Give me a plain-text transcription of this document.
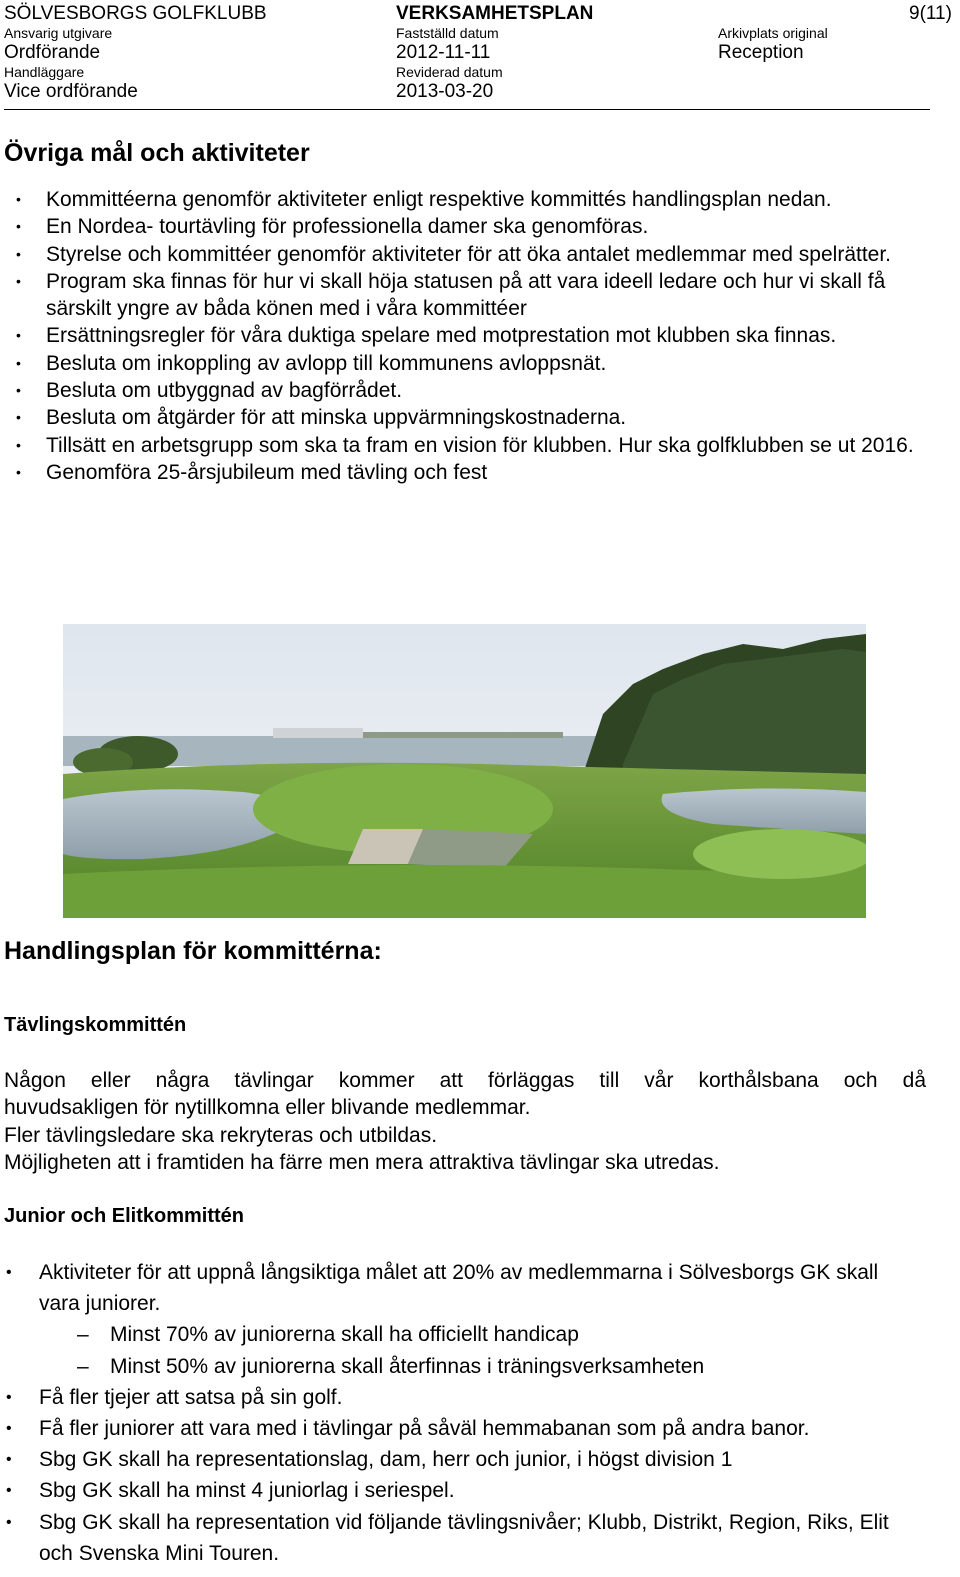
SÖLVESBORGS GOLFKLUBB	VERKSAMHETSPLAN	9(11)
Ansvarig utgivare	Fastställd datum	Arkivplats original
Ordförande	2012-11-11	Reception
Handläggare	Reviderad datum
Vice ordförande	2013-03-20
Övriga mål och aktiviteter
• Kommittéerna genomför aktiviteter enligt respektive kommittés handlingsplan nedan.
• En Nordea- tourtävling för professionella damer ska genomföras.
• Styrelse och kommittéer genomför aktiviteter för att öka antalet medlemmar med spelrätter.
• Program ska finnas för hur vi skall höja statusen på att vara ideell ledare och hur vi skall få särskilt yngre av båda könen med i våra kommittéer
• Ersättningsregler för våra duktiga spelare med motprestation mot klubben ska finnas.
• Besluta om inkoppling av avlopp till kommunens avloppsnät.
• Besluta om utbyggnad av bagförrådet.
• Besluta om åtgärder för att minska uppvärmningskostnaderna.
• Tillsätt en arbetsgrupp som ska ta fram en vision för klubben. Hur ska golfklubben se ut 2016.
• Genomföra 25-årsjubileum med tävling och fest
Handlingsplan för kommittérna:
Tävlingskommittén
Någon eller några tävlingar kommer att förläggas till vår korthålsbana och då
huvudsakligen för nytillkomna eller blivande medlemmar.
Fler tävlingsledare ska rekryteras och utbildas.
Möjligheten att i framtiden ha färre men mera attraktiva tävlingar ska utredas.
Junior och Elitkommittén
• Aktiviteter för att uppnå långsiktiga målet att 20% av medlemmarna i Sölvesborgs GK skall vara juniorer.
– Minst 70% av juniorerna skall ha officiellt handicap
– Minst 50% av juniorerna skall återfinnas i träningsverksamheten
• Få fler tjejer att satsa på sin golf.
• Få fler juniorer att vara med i tävlingar på såväl hemmabanan som på andra banor.
• Sbg GK skall ha representationslag, dam, herr och junior, i högst division 1
• Sbg GK skall ha minst 4 juniorlag i seriespel.
• Sbg GK skall ha representation vid följande tävlingsnivåer; Klubb, Distrikt, Region, Riks, Elit och Svenska Mini Touren.
